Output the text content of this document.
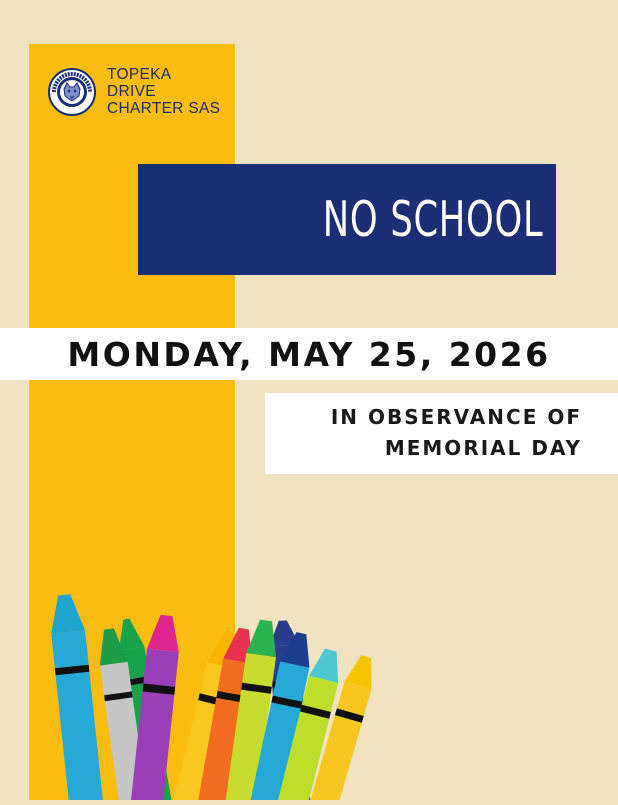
TOPEKA
DRIVE
CHARTER SAS
NO SCHOOL
MONDAY, MAY 25, 2026
IN OBSERVANCE OF
MEMORIAL DAY
